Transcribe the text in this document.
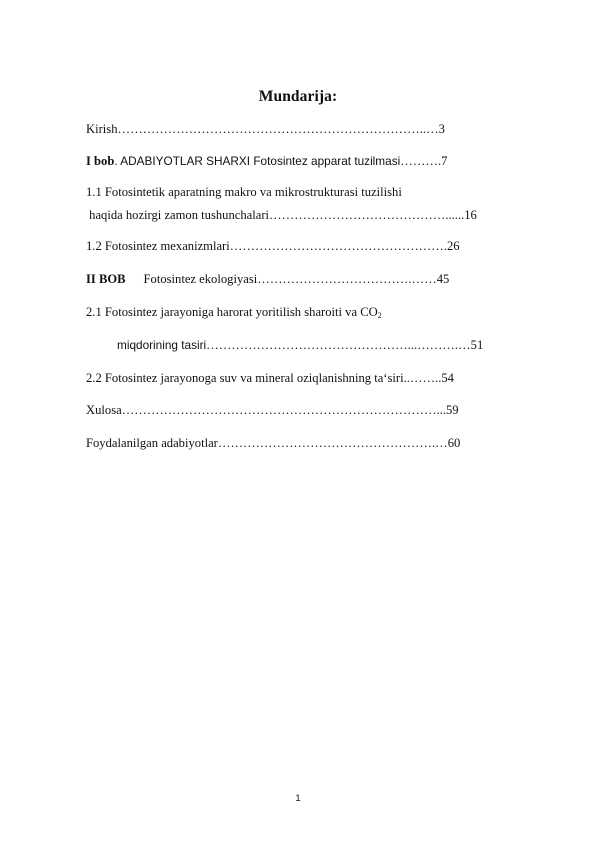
Mundarija:
Kirish………………………………………………………………..…3
I bob. ADABIYOTLAR SHARXI Fotosintez apparat tuzilmasi……….7
1.1 Fotosintetik aparatning makro va mikrostrukturasi tuzilishi
haqida hozirgi zamon tushunchalari……………………………………......16
1.2 Fotosintez mexanizmlari…………………………………………….26
II BOB Fotosintez ekologiyasi……………………………….……45
2.1 Fotosintez jarayoniga harorat yoritilish sharoiti va $CO_2$
miqdorining tasiri…………………………………………...……….…51
2.2 Fotosintez jarayonoga suv va mineral oziqlanishning ta‘siri..……..54
Xulosa…………………………………………………………………...59
Foydalanilgan adabiyotlar…………………………………………….…60
1
